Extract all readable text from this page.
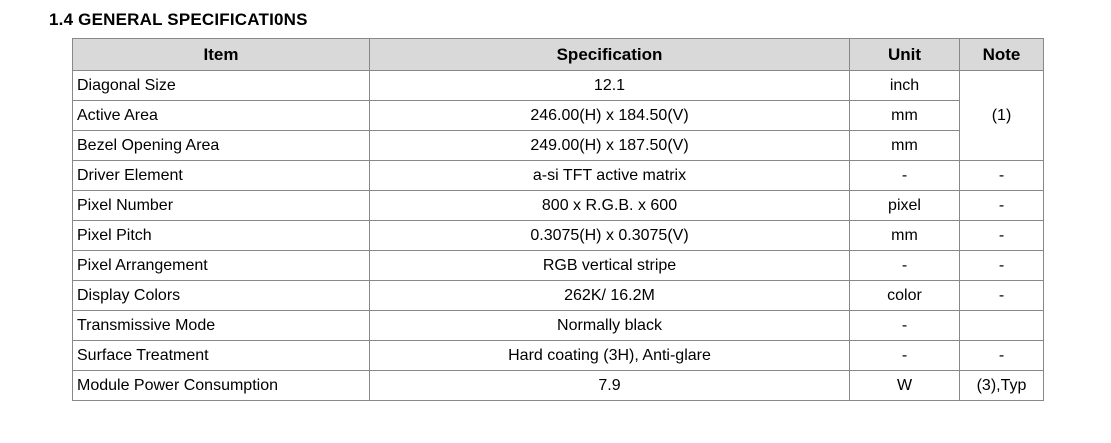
1.4 GENERAL SPECIFICATI0NS
Item	Specification	Unit	Note
Diagonal Size	12.1	inch	(1)
Active Area	246.00(H) x 184.50(V)	mm	
Bezel Opening Area	249.00(H) x 187.50(V)	mm	
Driver Element	a-si TFT active matrix	-	-
Pixel Number	800 x R.G.B. x 600	pixel	-
Pixel Pitch	0.3075(H) x 0.3075(V)	mm	-
Pixel Arrangement	RGB vertical stripe	-	-
Display Colors	262K/ 16.2M	color	-
Transmissive Mode	Normally black	-	
Surface Treatment	Hard coating (3H), Anti-glare	-	-
Module Power Consumption	7.9	W	(3),Typ
